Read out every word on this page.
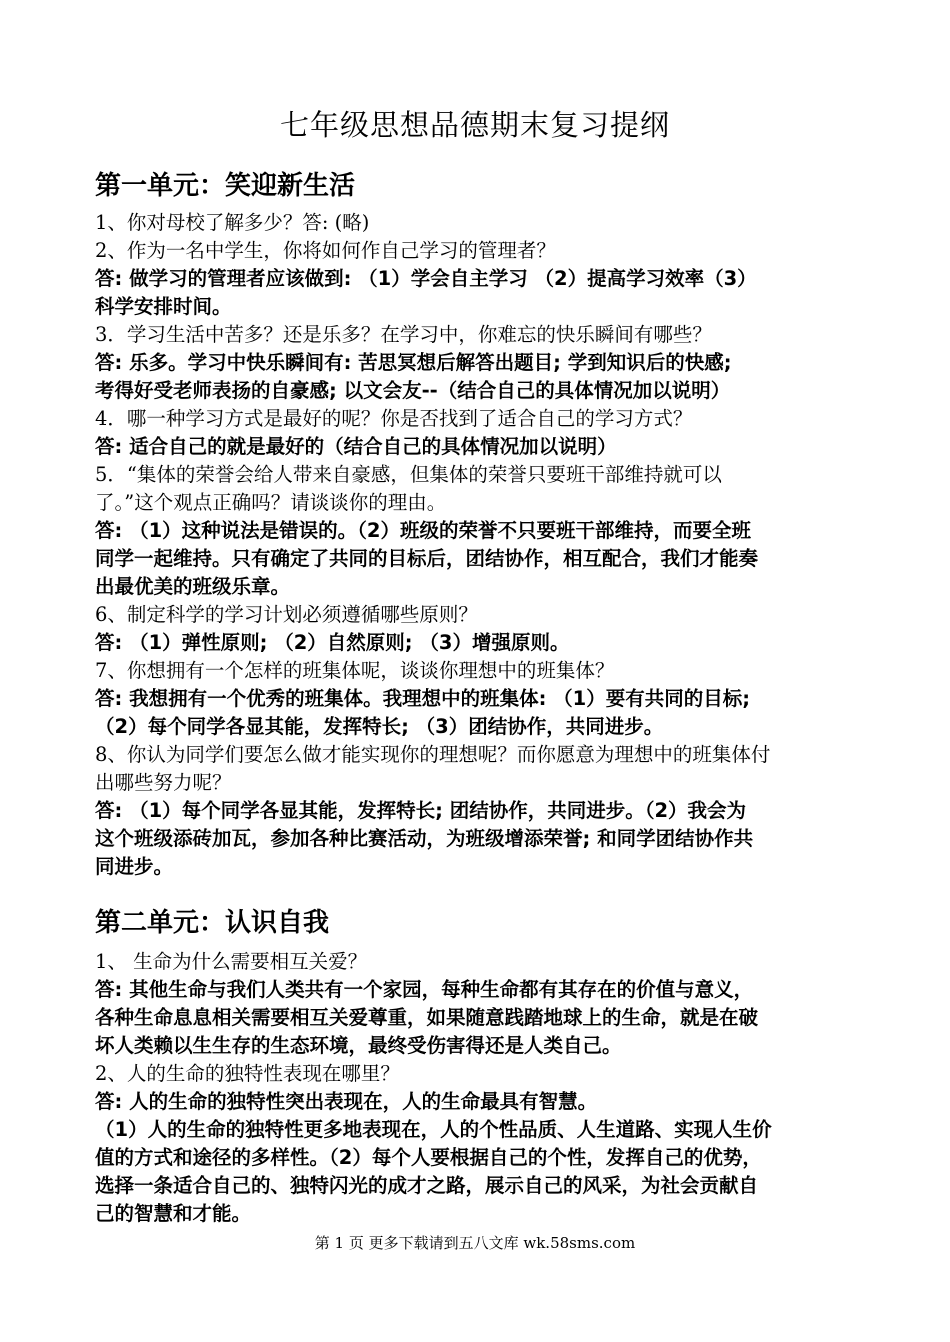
七年级思想品德期末复习提纲
第一单元：笑迎新生活
1、你对母校了解多少？答: (略)
2、作为一名中学生，你将如何作自己学习的管理者？
答: 做学习的管理者应该做到: （1）学会自主学习 （2）提高学习效率（3）
科学安排时间。
3．学习生活中苦多？还是乐多？在学习中，你难忘的快乐瞬间有哪些？
答: 乐多。学习中快乐瞬间有: 苦思冥想后解答出题目; 学到知识后的快感;
考得好受老师表扬的自豪感; 以文会友--（结合自己的具体情况加以说明）
4．哪一种学习方式是最好的呢？你是否找到了适合自己的学习方式？
答: 适合自己的就是最好的（结合自己的具体情况加以说明）
5．“集体的荣誉会给人带来自豪感，但集体的荣誉只要班干部维持就可以
了。”这个观点正确吗？请谈谈你的理由。
答: （1）这种说法是错误的。（2）班级的荣誉不只要班干部维持，而要全班
同学一起维持。只有确定了共同的目标后，团结协作，相互配合，我们才能奏
出最优美的班级乐章。
6、制定科学的学习计划必须遵循哪些原则？
答: （1）弹性原则; （2）自然原则; （3）增强原则。
7、你想拥有一个怎样的班集体呢，谈谈你理想中的班集体？
答: 我想拥有一个优秀的班集体。我理想中的班集体: （1）要有共同的目标;
（2）每个同学各显其能，发挥特长; （3）团结协作，共同进步。
8、你认为同学们要怎么做才能实现你的理想呢？而你愿意为理想中的班集体付
出哪些努力呢？
答: （1）每个同学各显其能，发挥特长; 团结协作，共同进步。（2）我会为
这个班级添砖加瓦，参加各种比赛活动，为班级增添荣誉; 和同学团结协作共
同进步。
第二单元：认识自我
1、 生命为什么需要相互关爱？
答: 其他生命与我们人类共有一个家园，每种生命都有其存在的价值与意义，
各种生命息息相关需要相互关爱尊重，如果随意践踏地球上的生命，就是在破
坏人类赖以生生存的生态环境，最终受伤害得还是人类自己。
2、人的生命的独特性表现在哪里？
答: 人的生命的独特性突出表现在，人的生命最具有智慧。
（1）人的生命的独特性更多地表现在，人的个性品质、人生道路、实现人生价
值的方式和途径的多样性。（2）每个人要根据自己的个性，发挥自己的优势，
选择一条适合自己的、独特闪光的成才之路，展示自己的风采，为社会贡献自
己的智慧和才能。
第 1 页 更多下载请到五八文库 wk.58sms.com
